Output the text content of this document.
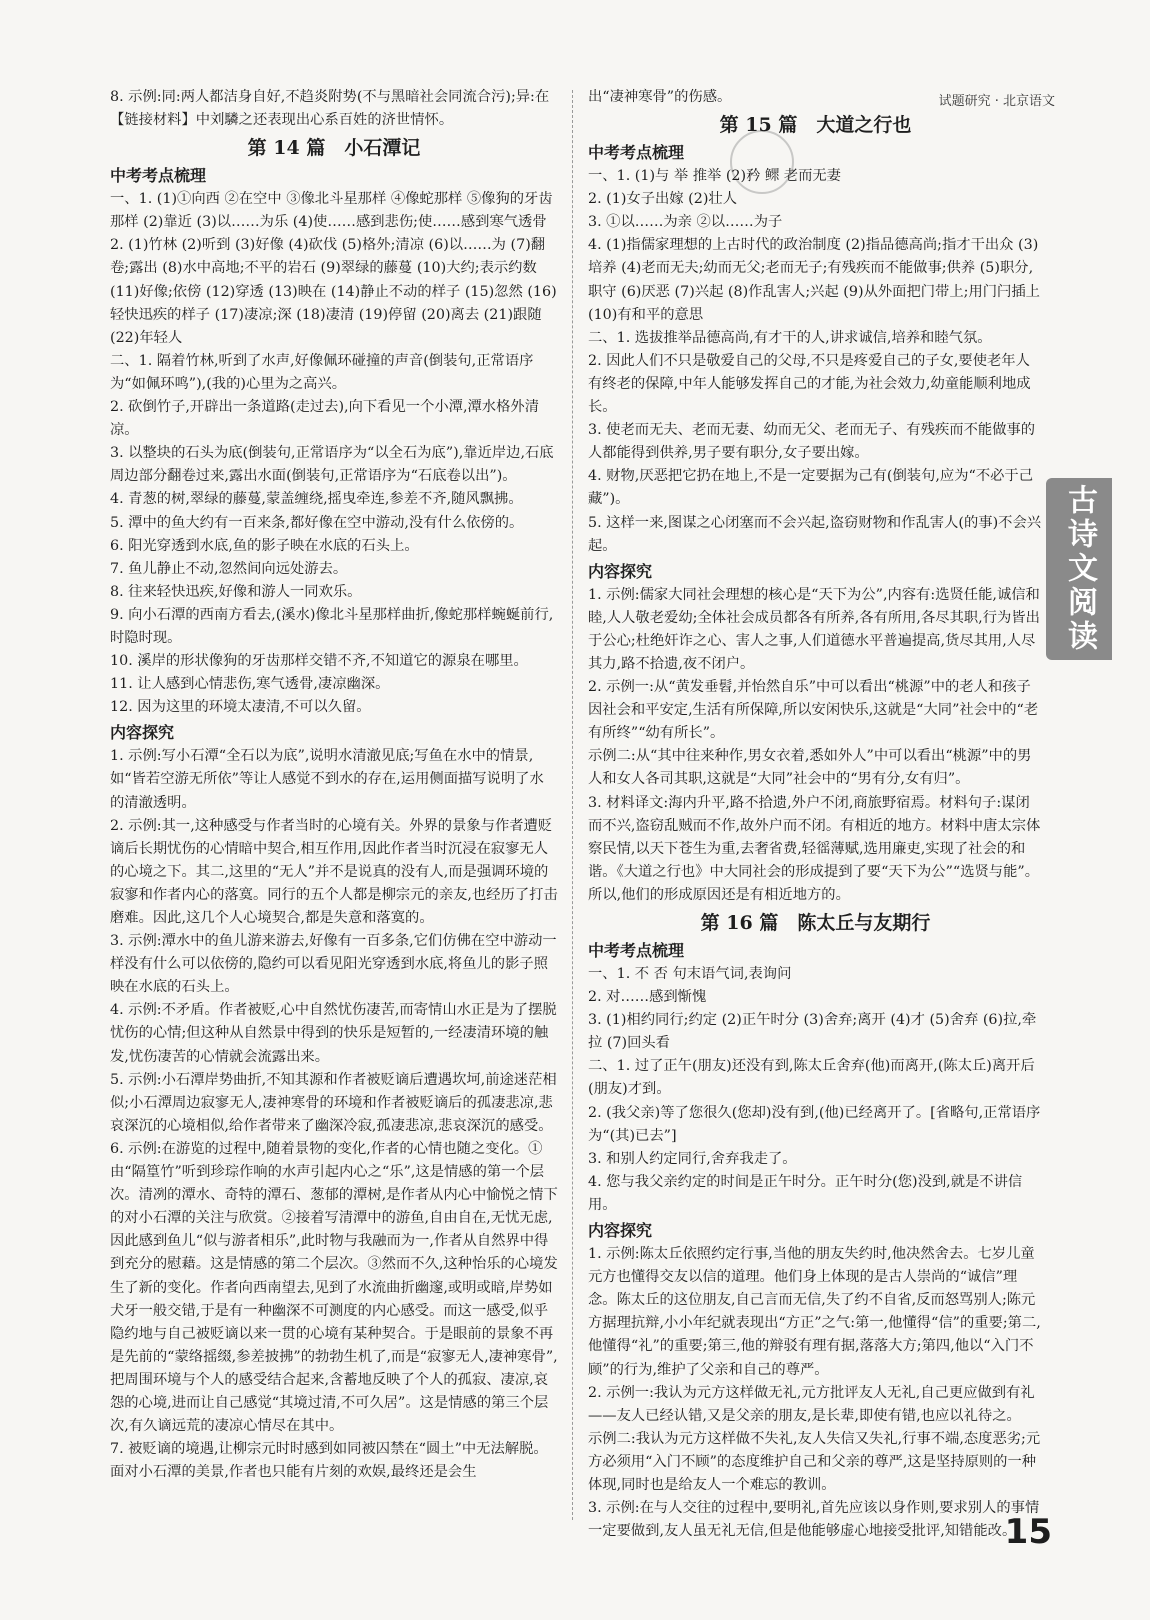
试题研究 · 北京语文
8. 示例:同:两人都洁身自好,不趋炎附势(不与黑暗社会同流合污);异:在【链接材料】中刘驎之还表现出心系百姓的济世情怀。
第 14 篇　小石潭记
中考考点梳理
一、1. (1)①向西 ②在空中 ③像北斗星那样 ④像蛇那样 ⑤像狗的牙齿那样 (2)靠近 (3)以……为乐 (4)使……感到悲伤;使……感到寒气透骨
2. (1)竹林 (2)听到 (3)好像 (4)砍伐 (5)格外;清凉 (6)以……为 (7)翻卷;露出 (8)水中高地;不平的岩石 (9)翠绿的藤蔓 (10)大约;表示约数 (11)好像;依傍 (12)穿透 (13)映在 (14)静止不动的样子 (15)忽然 (16)轻快迅疾的样子 (17)凄凉;深 (18)凄清 (19)停留 (20)离去 (21)跟随 (22)年轻人
二、1. 隔着竹林,听到了水声,好像佩环碰撞的声音(倒装句,正常语序为“如佩环鸣”),(我的)心里为之高兴。
2. 砍倒竹子,开辟出一条道路(走过去),向下看见一个小潭,潭水格外清凉。
3. 以整块的石头为底(倒装句,正常语序为“以全石为底”),靠近岸边,石底周边部分翻卷过来,露出水面(倒装句,正常语序为“石底卷以出”)。
4. 青葱的树,翠绿的藤蔓,蒙盖缠绕,摇曳牵连,参差不齐,随风飘拂。
5. 潭中的鱼大约有一百来条,都好像在空中游动,没有什么依傍的。
6. 阳光穿透到水底,鱼的影子映在水底的石头上。
7. 鱼儿静止不动,忽然间向远处游去。
8. 往来轻快迅疾,好像和游人一同欢乐。
9. 向小石潭的西南方看去,(溪水)像北斗星那样曲折,像蛇那样蜿蜒前行,时隐时现。
10. 溪岸的形状像狗的牙齿那样交错不齐,不知道它的源泉在哪里。
11. 让人感到心情悲伤,寒气透骨,凄凉幽深。
12. 因为这里的环境太凄清,不可以久留。
内容探究
1. 示例:写小石潭“全石以为底”,说明水清澈见底;写鱼在水中的情景,如“皆若空游无所依”等让人感觉不到水的存在,运用侧面描写说明了水的清澈透明。
2. 示例:其一,这种感受与作者当时的心境有关。外界的景象与作者遭贬谪后长期忧伤的心情暗中契合,相互作用,因此作者当时沉浸在寂寥无人的心境之下。其二,这里的“无人”并不是说真的没有人,而是强调环境的寂寥和作者内心的落寞。同行的五个人都是柳宗元的亲友,也经历了打击磨难。因此,这几个人心境契合,都是失意和落寞的。
3. 示例:潭水中的鱼儿游来游去,好像有一百多条,它们仿佛在空中游动一样没有什么可以依傍的,隐约可以看见阳光穿透到水底,将鱼儿的影子照映在水底的石头上。
4. 示例:不矛盾。作者被贬,心中自然忧伤凄苦,而寄情山水正是为了摆脱忧伤的心情;但这种从自然景中得到的快乐是短暂的,一经凄清环境的触发,忧伤凄苦的心情就会流露出来。
5. 示例:小石潭岸势曲折,不知其源和作者被贬谪后遭遇坎坷,前途迷茫相似;小石潭周边寂寥无人,凄神寒骨的环境和作者被贬谪后的孤凄悲凉,悲哀深沉的心境相似,给作者带来了幽深冷寂,孤凄悲凉,悲哀深沉的感受。
6. 示例:在游览的过程中,随着景物的变化,作者的心情也随之变化。①由“隔篁竹”听到珍琮作响的水声引起内心之“乐”,这是情感的第一个层次。清冽的潭水、奇特的潭石、葱郁的潭树,是作者从内心中愉悦之情下的对小石潭的关注与欣赏。②接着写清潭中的游鱼,自由自在,无忧无虑,因此感到鱼儿“似与游者相乐”,此时物与我融而为一,作者从自然界中得到充分的慰藉。这是情感的第二个层次。③然而不久,这种怡乐的心境发生了新的变化。作者向西南望去,见到了水流曲折幽邃,或明或暗,岸势如犬牙一般交错,于是有一种幽深不可测度的内心感受。而这一感受,似乎隐约地与自己被贬谪以来一贯的心境有某种契合。于是眼前的景象不再是先前的“蒙络摇缀,参差披拂”的勃勃生机了,而是“寂寥无人,凄神寒骨”,把周围环境与个人的感受结合起来,含蓄地反映了个人的孤寂、凄凉,哀怨的心境,进而让自己感觉“其境过清,不可久居”。这是情感的第三个层次,有久谪远荒的凄凉心情尽在其中。
7. 被贬谪的境遇,让柳宗元时时感到如同被囚禁在“圆土”中无法解脱。面对小石潭的美景,作者也只能有片刻的欢娱,最终还是会生
出“凄神寒骨”的伤感。
第 15 篇　大道之行也
中考考点梳理
一、1. (1)与 举 推举 (2)矜 鳏 老而无妻
2. (1)女子出嫁 (2)壮人
3. ①以……为亲 ②以……为子
4. (1)指儒家理想的上古时代的政治制度 (2)指品德高尚;指才干出众 (3)培养 (4)老而无夫;幼而无父;老而无子;有残疾而不能做事;供养 (5)职分,职守 (6)厌恶 (7)兴起 (8)作乱害人;兴起 (9)从外面把门带上;用门闩插上 (10)有和平的意思
二、1. 选拔推举品德高尚,有才干的人,讲求诚信,培养和睦气氛。
2. 因此人们不只是敬爱自己的父母,不只是疼爱自己的子女,要使老年人有终老的保障,中年人能够发挥自己的才能,为社会效力,幼童能顺利地成长。
3. 使老而无夫、老而无妻、幼而无父、老而无子、有残疾而不能做事的人都能得到供养,男子要有职分,女子要出嫁。
4. 财物,厌恶把它扔在地上,不是一定要据为己有(倒装句,应为“不必于己藏”)。
5. 这样一来,图谋之心闭塞而不会兴起,盗窃财物和作乱害人(的事)不会兴起。
内容探究
1. 示例:儒家大同社会理想的核心是“天下为公”,内容有:选贤任能,诚信和睦,人人敬老爱幼;全体社会成员都各有所养,各有所用,各尽其职,行为皆出于公心;杜绝奸诈之心、害人之事,人们道德水平普遍提高,货尽其用,人尽其力,路不拾遗,夜不闭户。
2. 示例一:从“黄发垂髫,并怡然自乐”中可以看出“桃源”中的老人和孩子因社会和平安定,生活有所保障,所以安闲快乐,这就是“大同”社会中的“老有所终”“幼有所长”。
示例二:从“其中往来种作,男女衣着,悉如外人”中可以看出“桃源”中的男人和女人各司其职,这就是“大同”社会中的“男有分,女有归”。
3. 材料译文:海内升平,路不拾遗,外户不闭,商旅野宿焉。材料句子:谋闭而不兴,盗窃乱贼而不作,故外户而不闭。有相近的地方。材料中唐太宗体察民情,以天下苍生为重,去奢省费,轻徭薄赋,选用廉吏,实现了社会的和谐。《大道之行也》中大同社会的形成提到了要“天下为公”“选贤与能”。所以,他们的形成原因还是有相近地方的。
第 16 篇　陈太丘与友期行
中考考点梳理
一、1. 不 否 句末语气词,表询问
2. 对……感到惭愧
3. (1)相约同行;约定 (2)正午时分 (3)舍弃;离开 (4)才 (5)舍弃 (6)拉,牵拉 (7)回头看
二、1. 过了正午(朋友)还没有到,陈太丘舍弃(他)而离开,(陈太丘)离开后(朋友)才到。
2. (我父亲)等了您很久(您却)没有到,(他)已经离开了。[省略句,正常语序为“(其)已去”]
3. 和别人约定同行,舍弃我走了。
4. 您与我父亲约定的时间是正午时分。正午时分(您)没到,就是不讲信用。
内容探究
1. 示例:陈太丘依照约定行事,当他的朋友失约时,他决然舍去。七岁儿童元方也懂得交友以信的道理。他们身上体现的是古人崇尚的“诚信”理念。陈太丘的这位朋友,自己言而无信,失了约不自省,反而怒骂别人;陈元方据理抗辩,小小年纪就表现出“方正”之气:第一,他懂得“信”的重要;第二,他懂得“礼”的重要;第三,他的辩驳有理有据,落落大方;第四,他以“入门不顾”的行为,维护了父亲和自己的尊严。
2. 示例一:我认为元方这样做无礼,元方批评友人无礼,自己更应做到有礼——友人已经认错,又是父亲的朋友,是长辈,即使有错,也应以礼待之。
示例二:我认为元方这样做不失礼,友人失信又失礼,行事不端,态度恶劣;元方必须用“入门不顾”的态度维护自己和父亲的尊严,这是坚持原则的一种体现,同时也是给友人一个难忘的教训。
3. 示例:在与人交往的过程中,要明礼,首先应该以身作则,要求别人的事情一定要做到,友人虽无礼无信,但是他能够虚心地接受批评,知错能改。
古诗文阅读
15
